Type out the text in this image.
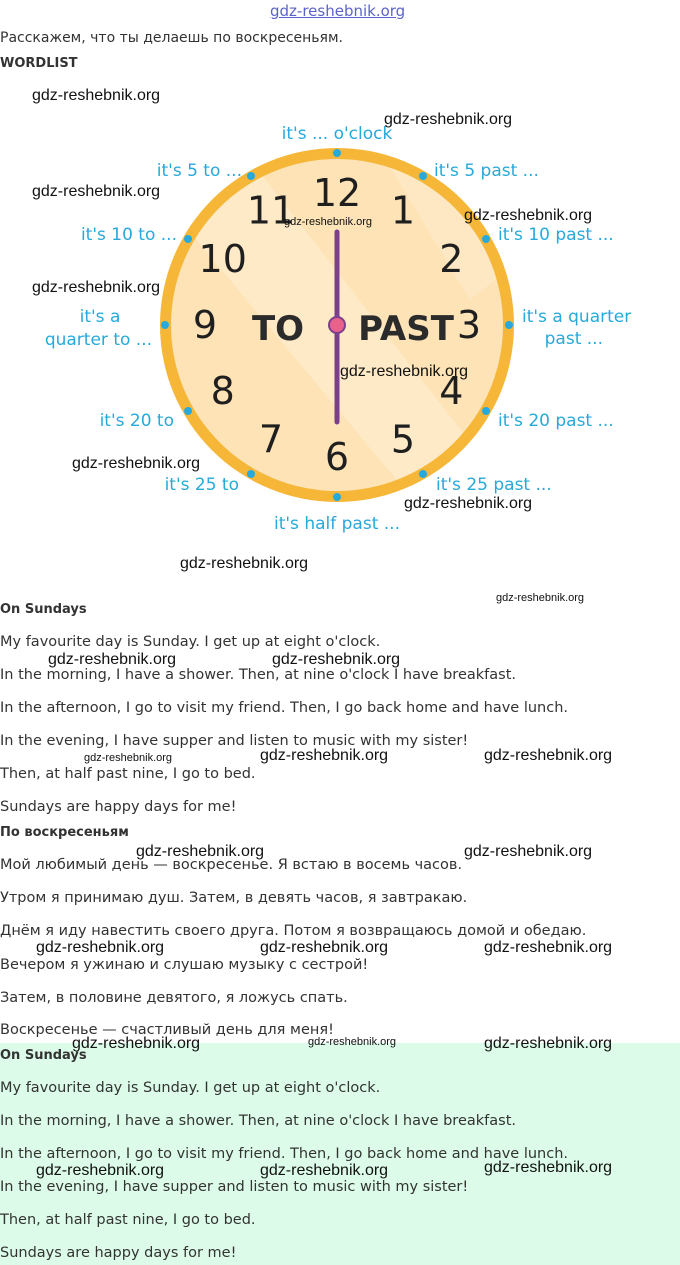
gdz-reshebnik.org
Расскажем, что ты делаешь по воскресеньям.
WORDLIST
12 1
2
3
4
5
6
7
8
9
10
11
TO PAST
it's ... o'clock
it's 5 past ...
it's 10 past ...
it's a quarter
past ...
it's 20 past ...
it's 25 past ...
it's half past ...
it's 25 to
it's 20 to
it's a
quarter to ...
it's 10 to ...
it's 5 to ...
On Sundays
My favourite day is Sunday. I get up at eight o'clock.
In the morning, I have a shower. Then, at nine o'clock I have breakfast.
In the afternoon, I go to visit my friend. Then, I go back home and have lunch.
In the evening, I have supper and listen to music with my sister!
Then, at half past nine, I go to bed.
Sundays are happy days for me!
По воскресеньям
Мой любимый день — воскресенье. Я встаю в восемь часов.
Утром я принимаю душ. Затем, в девять часов, я завтракаю.
Днём я иду навестить своего друга. Потом я возвращаюсь домой и обедаю.
Вечером я ужинаю и слушаю музыку с сестрой!
Затем, в половине девятого, я ложусь спать.
Воскресенье — счастливый день для меня!
On Sundays
My favourite day is Sunday. I get up at eight o'clock.
In the morning, I have a shower. Then, at nine o'clock I have breakfast.
In the afternoon, I go to visit my friend. Then, I go back home and have lunch.
In the evening, I have supper and listen to music with my sister!
Then, at half past nine, I go to bed.
Sundays are happy days for me!
gdz-reshebnik.org
gdz-reshebnik.org
gdz-reshebnik.org
gdz-reshebnik.org
gdz-reshebnik.org
gdz-reshebnik.org
gdz-reshebnik.org
gdz-reshebnik.org
gdz-reshebnik.org
gdz-reshebnik.org
gdz-reshebnik.org
gdz-reshebnik.org	gdz-reshebnik.org
gdz-reshebnik.org	gdz-reshebnik.org	gdz-reshebnik.org
gdz-reshebnik.org	gdz-reshebnik.org
gdz-reshebnik.org	gdz-reshebnik.org	gdz-reshebnik.org
gdz-reshebnik.org	gdz-reshebnik.org	gdz-reshebnik.org
gdz-reshebnik.org	gdz-reshebnik.org	gdz-reshebnik.org
